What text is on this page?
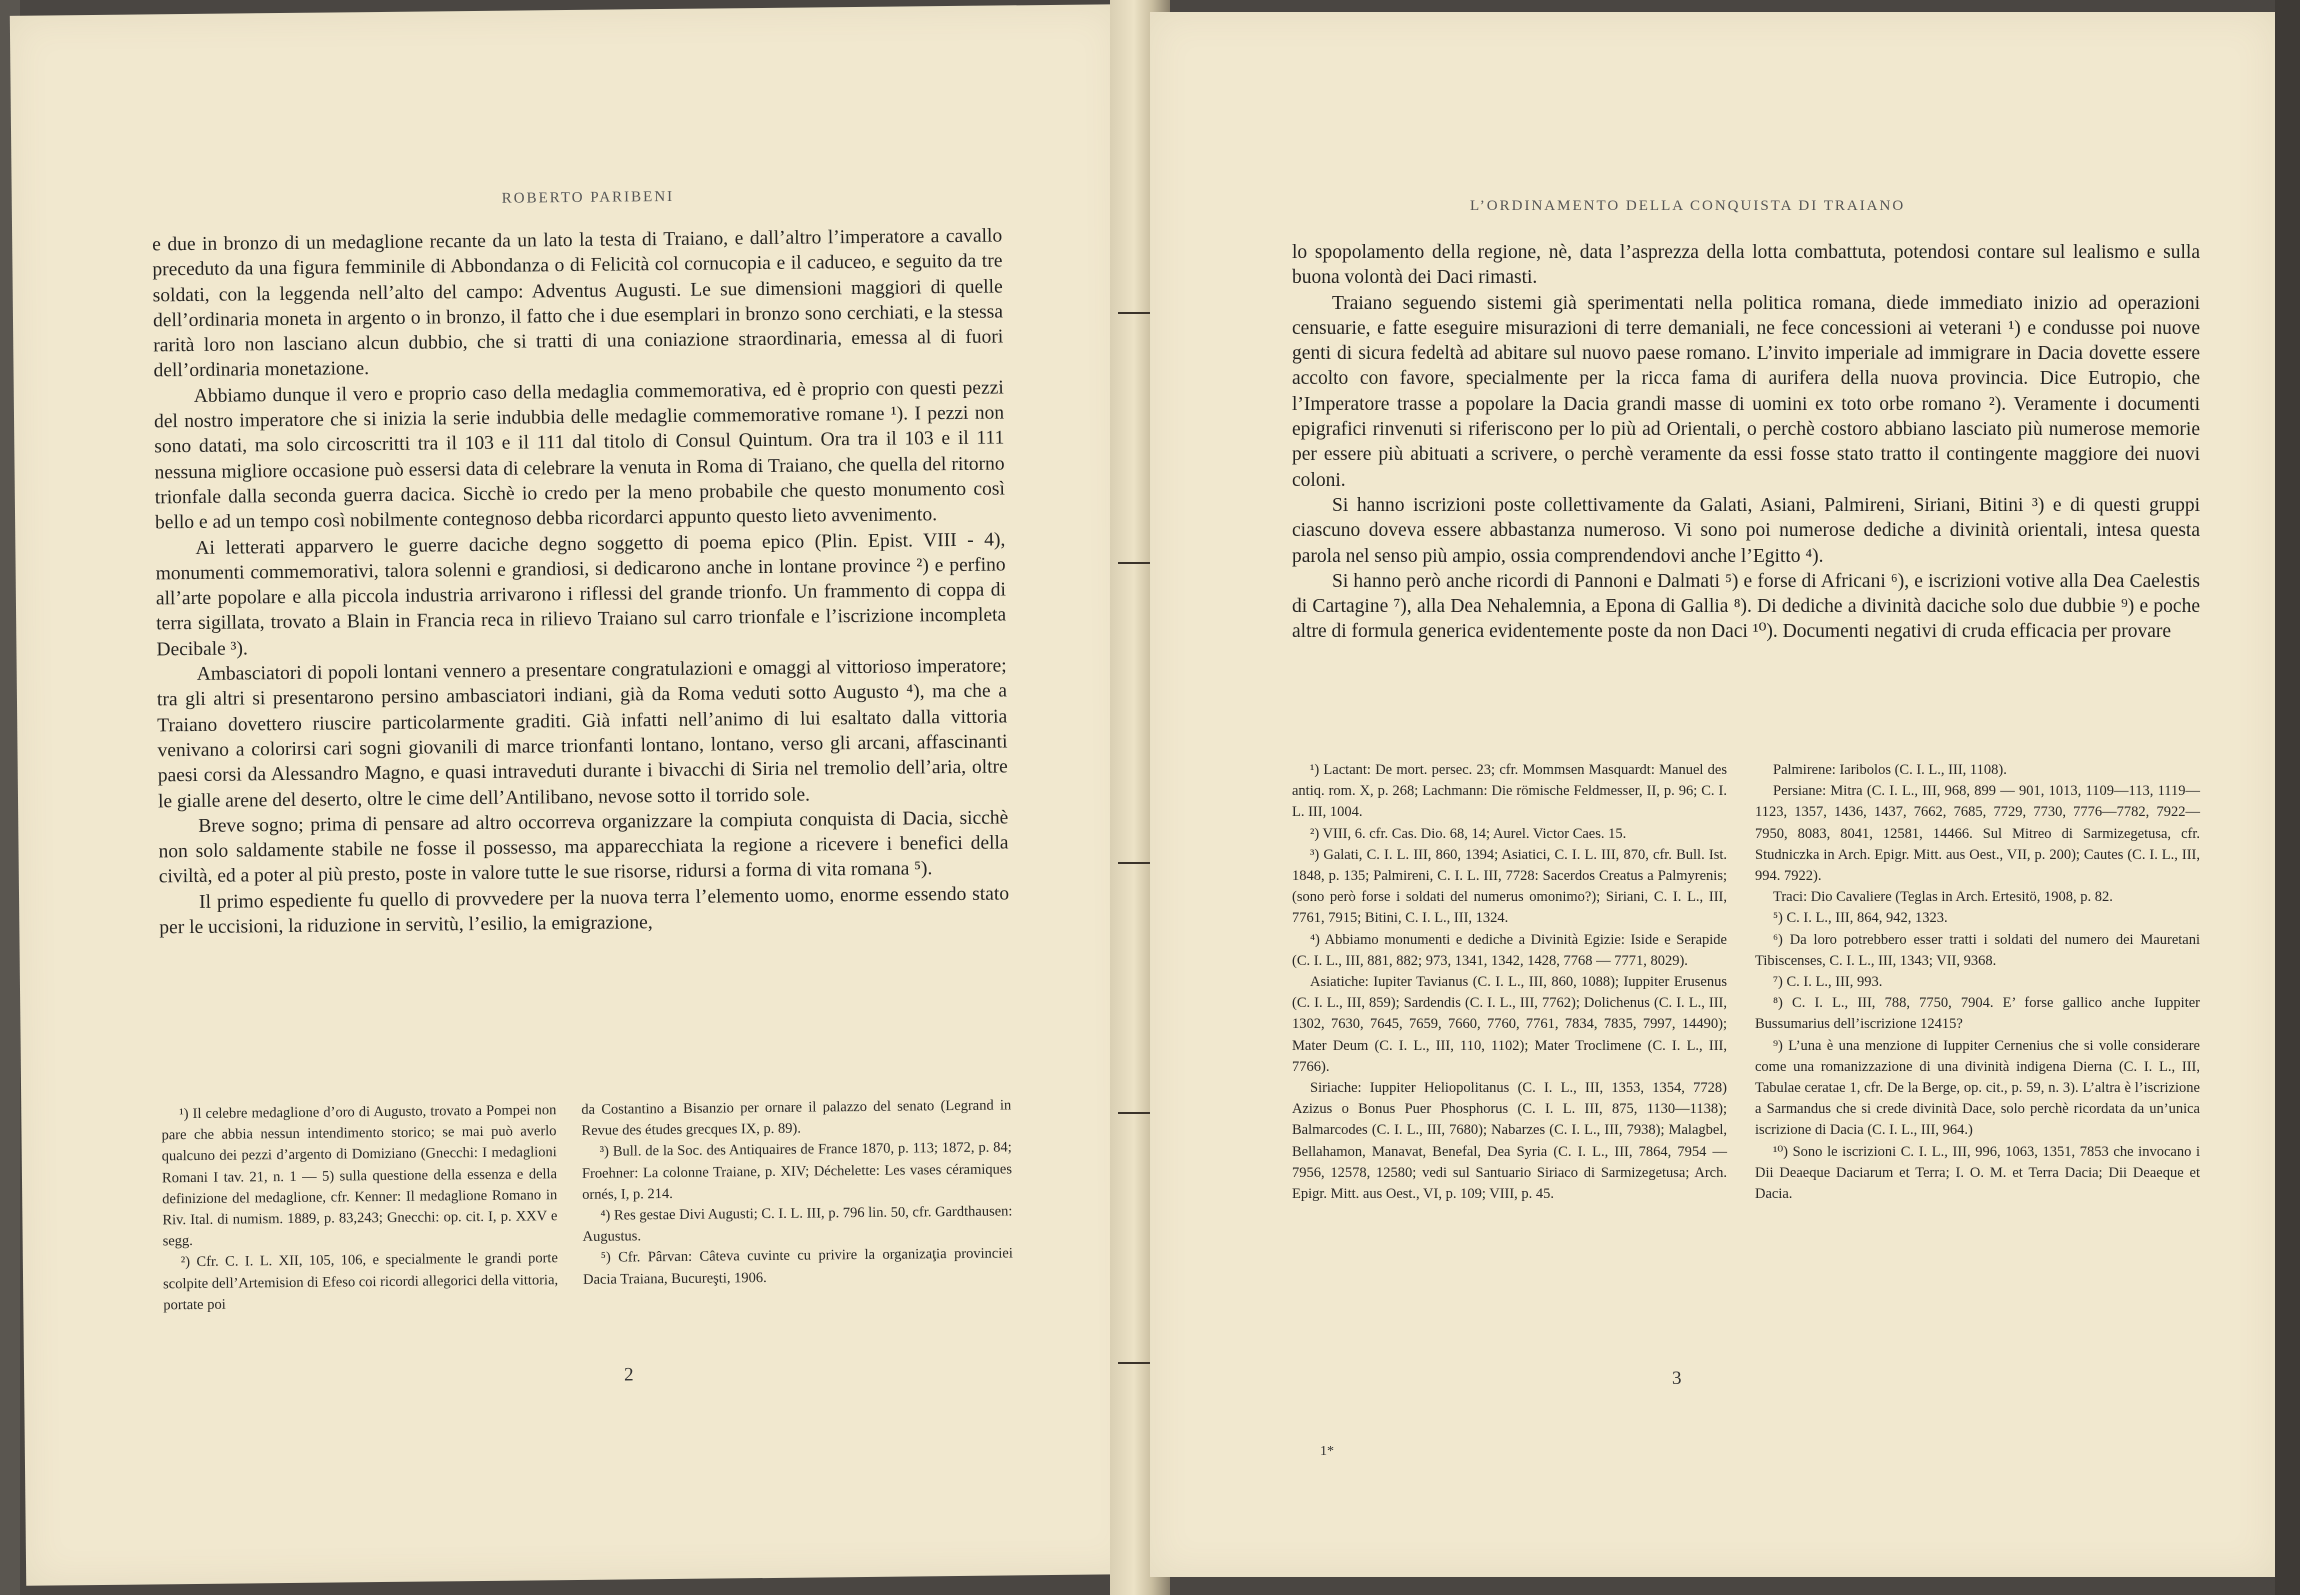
ROBERTO PARIBENI

e due in bronzo di un medaglione recante da un lato la testa di Traiano, e dall’altro l’imperatore a cavallo preceduto da una figura femminile di Abbondanza o di Felicità col cornucopia e il caduceo, e seguito da tre soldati, con la leggenda nell’alto del campo: Adventus Augusti. Le sue dimensioni maggiori di quelle dell’ordinaria moneta in argento o in bronzo, il fatto che i due esemplari in bronzo sono cerchiati, e la stessa rarità loro non lasciano alcun dubbio, che si tratti di una coniazione straordinaria, emessa al di fuori dell’ordinaria monetazione.

Abbiamo dunque il vero e proprio caso della medaglia commemorativa, ed è proprio con questi pezzi del nostro imperatore che si inizia la serie indubbia delle medaglie commemorative romane ¹). I pezzi non sono datati, ma solo circoscritti tra il 103 e il 111 dal titolo di Consul Quintum. Ora tra il 103 e il 111 nessuna migliore occasione può essersi data di celebrare la venuta in Roma di Traiano, che quella del ritorno trionfale dalla seconda guerra dacica. Sicchè io credo per la meno probabile che questo monumento così bello e ad un tempo così nobilmente contegnoso debba ricordarci appunto questo lieto avvenimento.

Ai letterati apparvero le guerre daciche degno soggetto di poema epico (Plin. Epist. VIII - 4), monumenti commemorativi, talora solenni e grandiosi, si dedicarono anche in lontane province ²) e perfino all’arte popolare e alla piccola industria arrivarono i riflessi del grande trionfo. Un frammento di coppa di terra sigillata, trovato a Blain in Francia reca in rilievo Traiano sul carro trionfale e l’iscrizione incompleta Decibale ³).

Ambasciatori di popoli lontani vennero a presentare congratulazioni e omaggi al vittorioso imperatore; tra gli altri si presentarono persino ambasciatori indiani, già da Roma veduti sotto Augusto ⁴), ma che a Traiano dovettero riuscire particolarmente graditi. Già infatti nell’animo di lui esaltato dalla vittoria venivano a colorirsi cari sogni giovanili di marce trionfanti lontano, lontano, verso gli arcani, affascinanti paesi corsi da Alessandro Magno, e quasi intraveduti durante i bivacchi di Siria nel tremolio dell’aria, oltre le gialle arene del deserto, oltre le cime dell’Antilibano, nevose sotto il torrido sole.

Breve sogno; prima di pensare ad altro occorreva organizzare la compiuta conquista di Dacia, sicchè non solo saldamente stabile ne fosse il possesso, ma apparecchiata la regione a ricevere i benefici della civiltà, ed a poter al più presto, poste in valore tutte le sue risorse, ridursi a forma di vita romana ⁵).

Il primo espediente fu quello di provvedere per la nuova terra l’elemento uomo, enorme essendo stato per le uccisioni, la riduzione in servitù, l’esilio, la emigrazione,

¹) Il celebre medaglione d’oro di Augusto, trovato a Pompei non pare che abbia nessun intendimento storico; se mai può averlo qualcuno dei pezzi d’argento di Domiziano (Gnecchi: I medaglioni Romani I tav. 21, n. 1 — 5) sulla questione della essenza e della definizione del medaglione, cfr. Kenner: Il medaglione Romano in Riv. Ital. di numism. 1889, p. 83,243; Gnecchi: op. cit. I, p. XXV e segg.

²) Cfr. C. I. L. XII, 105, 106, e specialmente le grandi porte scolpite dell’Artemision di Efeso coi ricordi allegorici della vittoria, portate poi

da Costantino a Bisanzio per ornare il palazzo del senato (Legrand in Revue des études grecques IX, p. 89).

³) Bull. de la Soc. des Antiquaires de France 1870, p. 113; 1872, p. 84; Froehner: La colonne Traiane, p. XIV; Déchelette: Les vases céramiques ornés, I, p. 214.

⁴) Res gestae Divi Augusti; C. I. L. III, p. 796 lin. 50, cfr. Gardthausen: Augustus.

⁵) Cfr. Pârvan: Câteva cuvinte cu privire la organizaţia provinciei Dacia Traiana, Bucureşti, 1906.

2
L’ORDINAMENTO DELLA CONQUISTA DI TRAIANO

lo spopolamento della regione, nè, data l’asprezza della lotta combattuta, potendosi contare sul lealismo e sulla buona volontà dei Daci rimasti.

Traiano seguendo sistemi già sperimentati nella politica romana, diede immediato inizio ad operazioni censuarie, e fatte eseguire misurazioni di terre demaniali, ne fece concessioni ai veterani ¹) e condusse poi nuove genti di sicura fedeltà ad abitare sul nuovo paese romano. L’invito imperiale ad immigrare in Dacia dovette essere accolto con favore, specialmente per la ricca fama di aurifera della nuova provincia. Dice Eutropio, che l’Imperatore trasse a popolare la Dacia grandi masse di uomini ex toto orbe romano ²). Veramente i documenti epigrafici rinvenuti si riferiscono per lo più ad Orientali, o perchè costoro abbiano lasciato più numerose memorie per essere più abituati a scrivere, o perchè veramente da essi fosse stato tratto il contingente maggiore dei nuovi coloni.

Si hanno iscrizioni poste collettivamente da Galati, Asiani, Palmireni, Siriani, Bitini ³) e di questi gruppi ciascuno doveva essere abbastanza numeroso. Vi sono poi numerose dediche a divinità orientali, intesa questa parola nel senso più ampio, ossia comprendendovi anche l’Egitto ⁴).

Si hanno però anche ricordi di Pannoni e Dalmati ⁵) e forse di Africani ⁶), e iscrizioni votive alla Dea Caelestis di Cartagine ⁷), alla Dea Nehalemnia, a Epona di Gallia ⁸). Di dediche a divinità daciche solo due dubbie ⁹) e poche altre di formula generica evidentemente poste da non Daci ¹⁰). Documenti negativi di cruda efficacia per provare

¹) Lactant: De mort. persec. 23; cfr. Mommsen Masquardt: Manuel des antiq. rom. X, p. 268; Lachmann: Die römische Feldmesser, II, p. 96; C. I. L. III, 1004.

²) VIII, 6. cfr. Cas. Dio. 68, 14; Aurel. Victor Caes. 15.

³) Galati, C. I. L. III, 860, 1394; Asiatici, C. I. L. III, 870, cfr. Bull. Ist. 1848, p. 135; Palmireni, C. I. L. III, 7728: Sacerdos Creatus a Palmyrenis; (sono però forse i soldati del numerus omonimo?); Siriani, C. I. L., III, 7761, 7915; Bitini, C. I. L., III, 1324.

⁴) Abbiamo monumenti e dediche a Divinità Egizie: Iside e Serapide (C. I. L., III, 881, 882; 973, 1341, 1342, 1428, 7768 — 7771, 8029).

Asiatiche: Iupiter Tavianus (C. I. L., III, 860, 1088); Iuppiter Erusenus (C. I. L., III, 859); Sardendis (C. I. L., III, 7762); Dolichenus (C. I. L., III, 1302, 7630, 7645, 7659, 7660, 7760, 7761, 7834, 7835, 7997, 14490); Mater Deum (C. I. L., III, 110, 1102); Mater Troclimene (C. I. L., III, 7766).

Siriache: Iuppiter Heliopolitanus (C. I. L., III, 1353, 1354, 7728) Azizus o Bonus Puer Phosphorus (C. I. L. III, 875, 1130—1138); Balmarcodes (C. I. L., III, 7680); Nabarzes (C. I. L., III, 7938); Malagbel, Bellahamon, Manavat, Benefal, Dea Syria (C. I. L., III, 7864, 7954 — 7956, 12578, 12580; vedi sul Santuario Siriaco di Sarmizegetusa; Arch. Epigr. Mitt. aus Oest., VI, p. 109; VIII, p. 45.

Palmirene: Iaribolos (C. I. L., III, 1108).

Persiane: Mitra (C. I. L., III, 968, 899 — 901, 1013, 1109—113, 1119—1123, 1357, 1436, 1437, 7662, 7685, 7729, 7730, 7776—7782, 7922—7950, 8083, 8041, 12581, 14466. Sul Mitreo di Sarmizegetusa, cfr. Studniczka in Arch. Epigr. Mitt. aus Oest., VII, p. 200); Cautes (C. I. L., III, 994. 7922).

Traci: Dio Cavaliere (Teglas in Arch. Ertesitö, 1908, p. 82.

⁵) C. I. L., III, 864, 942, 1323.

⁶) Da loro potrebbero esser tratti i soldati del numero dei Mauretani Tibiscenses, C. I. L., III, 1343; VII, 9368.

⁷) C. I. L., III, 993.

⁸) C. I. L., III, 788, 7750, 7904. E’ forse gallico anche Iuppiter Bussumarius dell’iscrizione 12415?

⁹) L’una è una menzione di Iuppiter Cernenius che si volle considerare come una romanizzazione di una divinità indigena Dierna (C. I. L., III, Tabulae ceratae 1, cfr. De la Berge, op. cit., p. 59, n. 3). L’altra è l’iscrizione a Sarmandus che si crede divinità Dace, solo perchè ricordata da un’unica iscrizione di Dacia (C. I. L., III, 964.)

¹⁰) Sono le iscrizioni C. I. L., III, 996, 1063, 1351, 7853 che invocano i Dii Deaeque Daciarum et Terra; I. O. M. et Terra Dacia; Dii Deaeque et Dacia.

3
1*
